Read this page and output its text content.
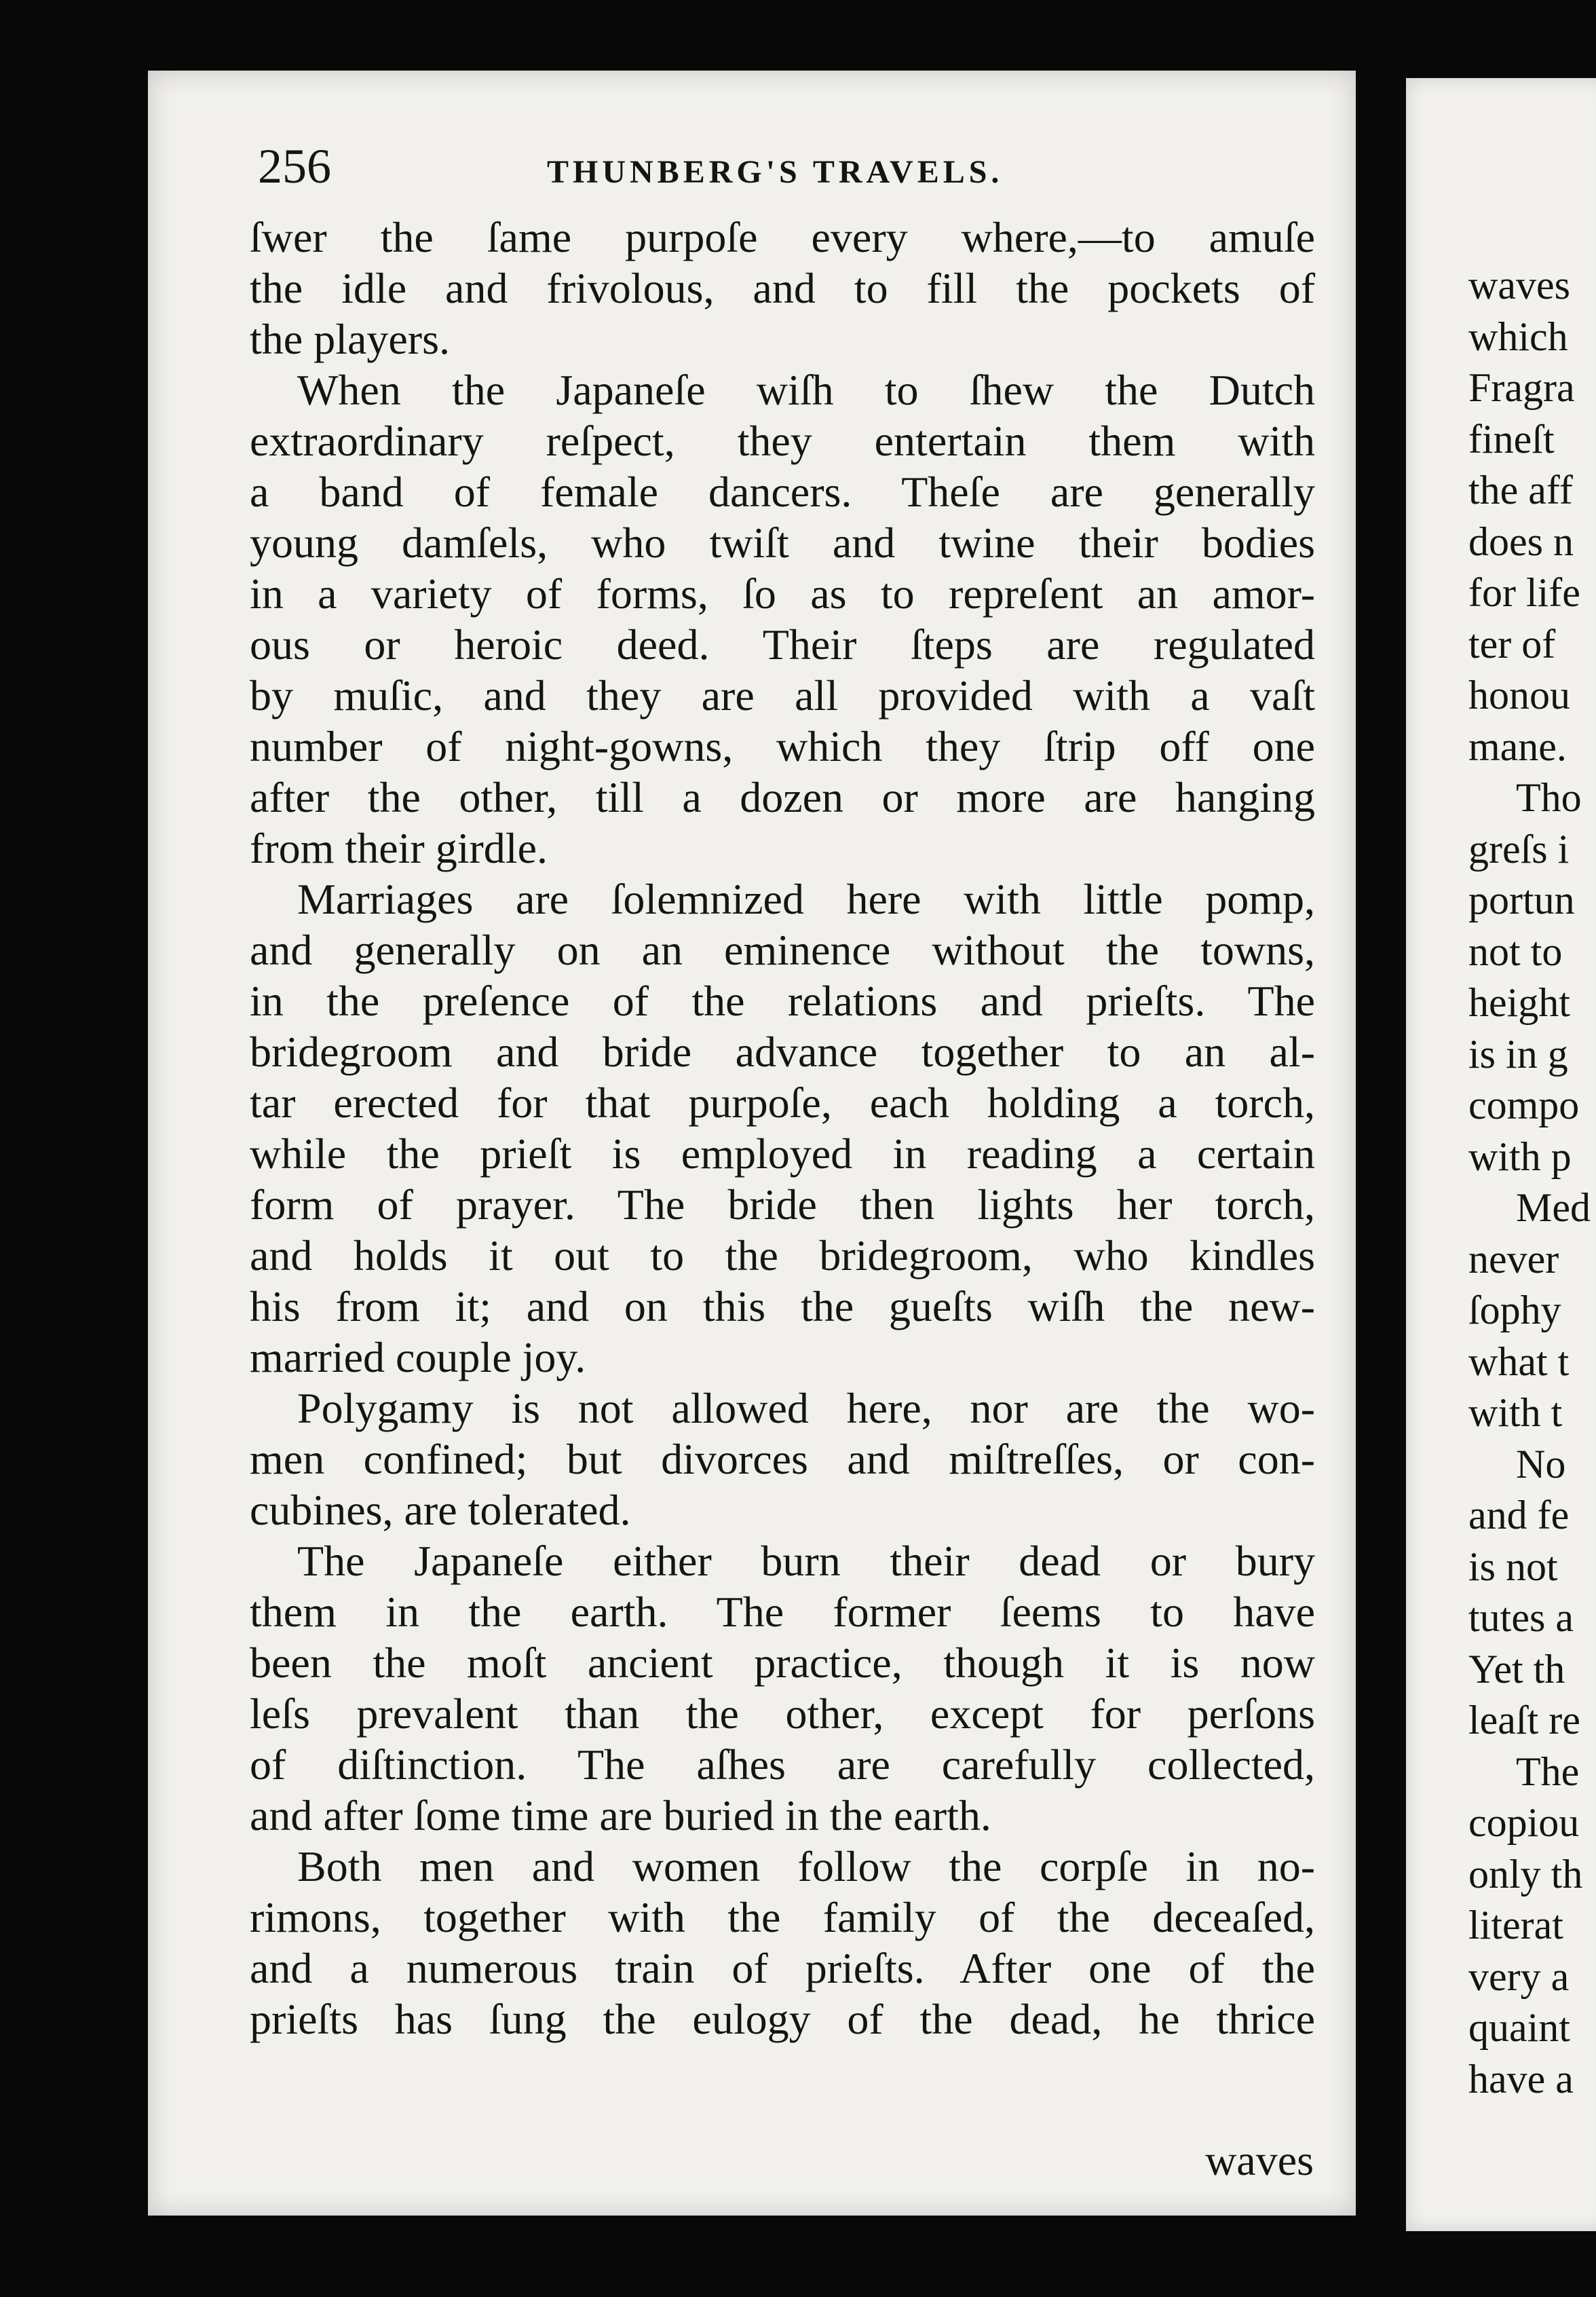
256	THUNBERG'S TRAVELS.
ſwer the ſame purpoſe every where,—to amuſe
the idle and frivolous, and to fill the pockets of
the players.
When the Japaneſe wiſh to ſhew the Dutch
extraordinary reſpect, they entertain them with
a band of female dancers. Theſe are generally
young damſels, who twiſt and twine their bodies
in a variety of forms, ſo as to repreſent an amor-
ous or heroic deed. Their ſteps are regulated
by muſic, and they are all provided with a vaſt
number of night-gowns, which they ſtrip off one
after the other, till a dozen or more are hanging
from their girdle.
Marriages are ſolemnized here with little pomp,
and generally on an eminence without the towns,
in the preſence of the relations and prieſts. The
bridegroom and bride advance together to an al-
tar erected for that purpoſe, each holding a torch,
while the prieſt is employed in reading a certain
form of prayer. The bride then lights her torch,
and holds it out to the bridegroom, who kindles
his from it; and on this the gueſts wiſh the new-
married couple joy.
Polygamy is not allowed here, nor are the wo-
men confined; but divorces and miſtreſſes, or con-
cubines, are tolerated.
The Japaneſe either burn their dead or bury
them in the earth. The former ſeems to have
been the moſt ancient practice, though it is now
leſs prevalent than the other, except for perſons
of diſtinction. The aſhes are carefully collected,
and after ſome time are buried in the earth.
Both men and women follow the corpſe in no-
rimons, together with the family of the deceaſed,
and a numerous train of prieſts. After one of the
prieſts has ſung the eulogy of the dead, he thrice
waves
waves
which
Fragra
fineſt
the aff
does n
for life
ter of
honou
mane.
Tho
greſs i
portun
not to
height
is in g
compo
with p
Med
never
ſophy
what t
with t
No
and fe
is not
tutes a
Yet th
leaſt re
The
copiou
only th
literat
very a
quaint
have a
